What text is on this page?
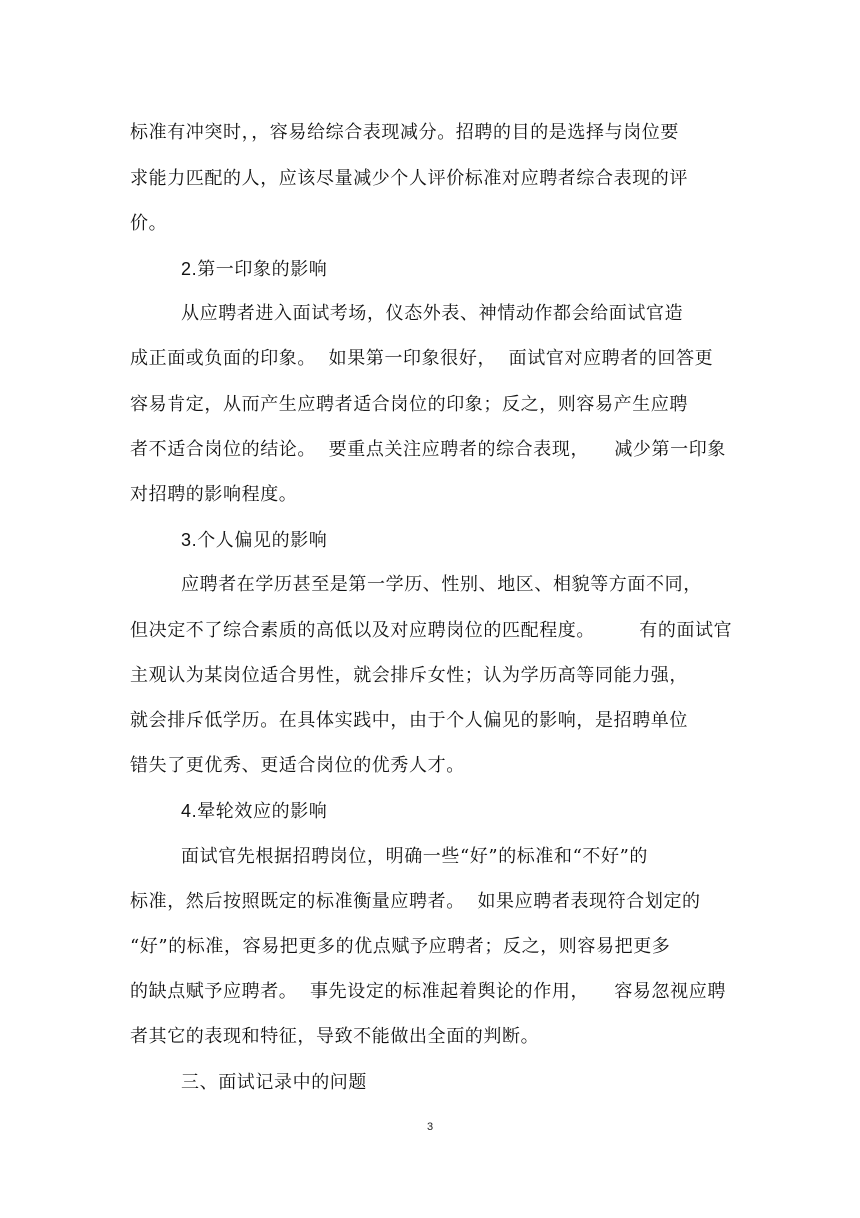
标准有冲突时，，容易给综合表现减分。招聘的目的是选择与岗位要
求能力匹配的人，应该尽量减少个人评价标准对应聘者综合表现的评
价。
2.第一印象的影响
从应聘者进入面试考场，仪态外表、神情动作都会给面试官造
成正面或负面的印象。  如果第一印象很好，  面试官对应聘者的回答更
容易肯定，从而产生应聘者适合岗位的印象；反之，则容易产生应聘
者不适合岗位的结论。  要重点关注应聘者的综合表现，    减少第一印象
对招聘的影响程度。
3.个人偏见的影响
应聘者在学历甚至是第一学历、性别、地区、相貌等方面不同，
但决定不了综合素质的高低以及对应聘岗位的匹配程度。       有的面试官
主观认为某岗位适合男性，就会排斥女性；认为学历高等同能力强，
就会排斥低学历。在具体实践中，由于个人偏见的影响，是招聘单位
错失了更优秀、更适合岗位的优秀人才。
4.晕轮效应的影响
面试官先根据招聘岗位，明确一些“好”的标准和“不好”的
标准，然后按照既定的标准衡量应聘者。  如果应聘者表现符合划定的
“好”的标准，容易把更多的优点赋予应聘者；反之，则容易把更多
的缺点赋予应聘者。  事先设定的标准起着舆论的作用，    容易忽视应聘
者其它的表现和特征，导致不能做出全面的判断。
三、面试记录中的问题
3
